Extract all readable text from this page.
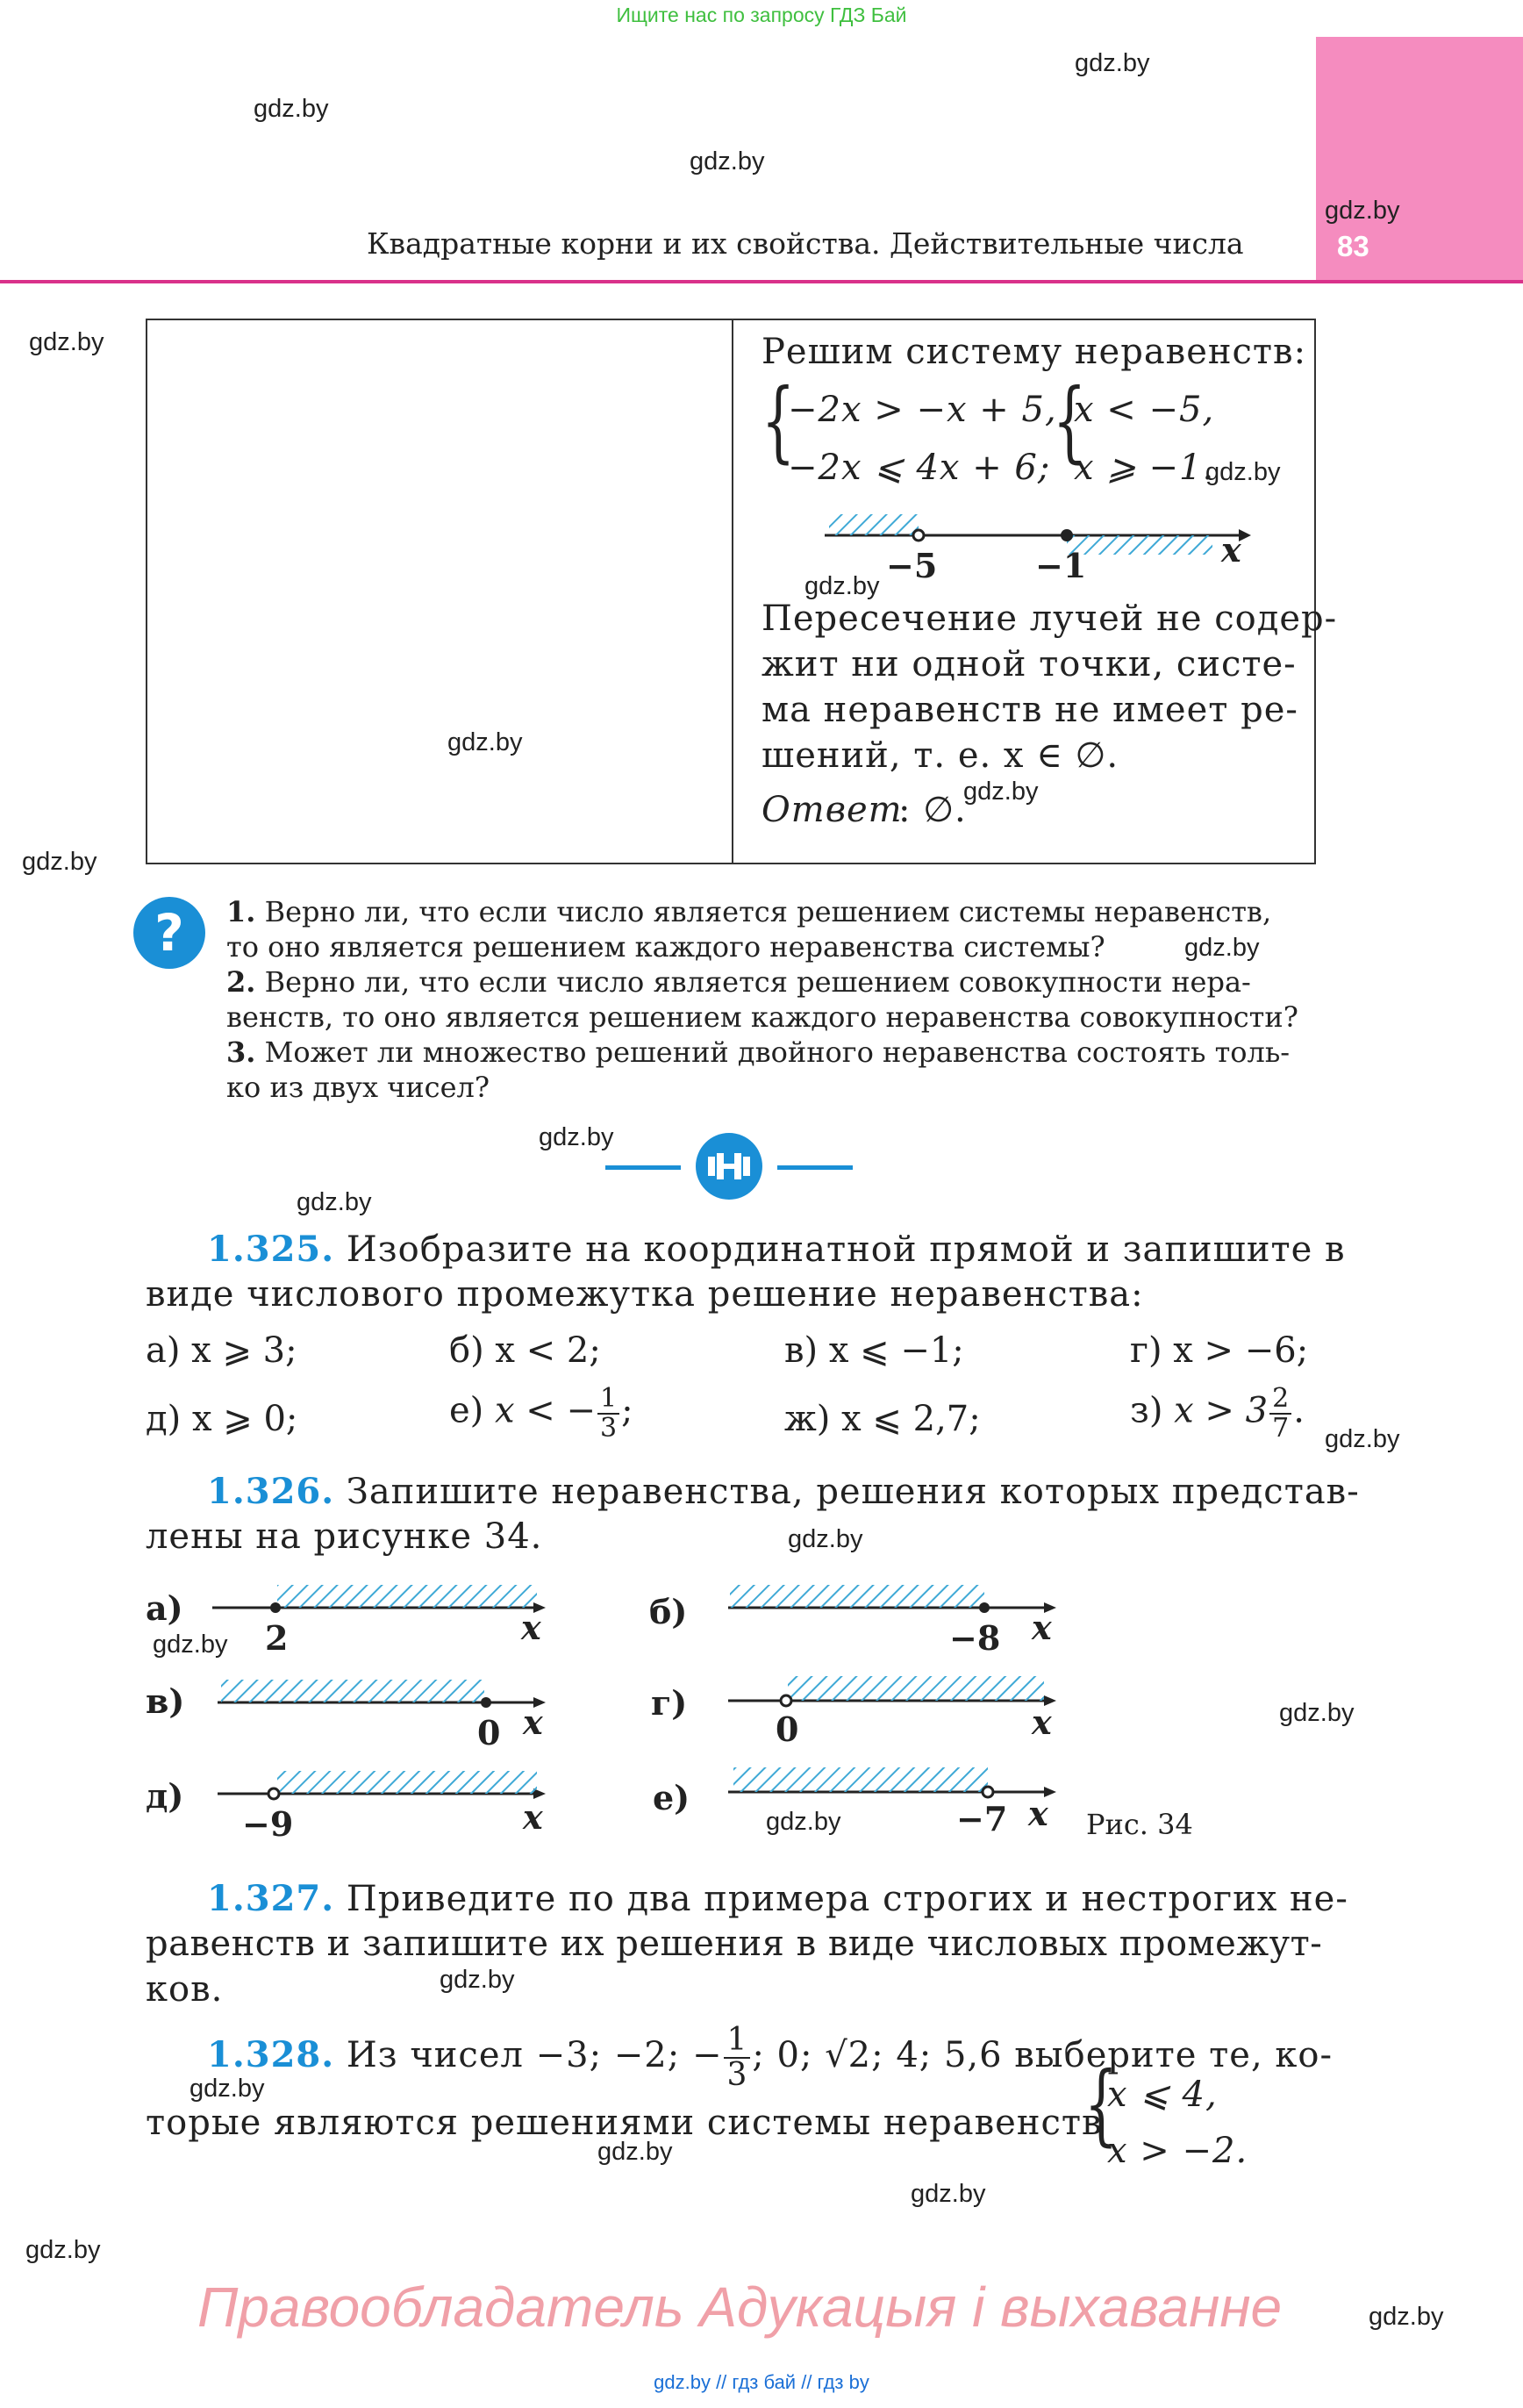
Ищите нас по запросу ГДЗ Бай
83
Квадратные корни и их свойства. Действительные числа
gdz.by
gdz.by
gdz.by
gdz.by
gdz.by
gdz.by
gdz.by
gdz.by
gdz.by
gdz.by
gdz.by
gdz.by
gdz.by
gdz.by
gdz.by
gdz.by
gdz.by
gdz.by
gdz.by
gdz.by
gdz.by
gdz.by
gdz.by
gdz.by
Решим систему неравенств:
{
−2x > −x + 5,
−2x ⩽ 4x + 6; {
x < −5,
x ⩾ −1.
−5	−1	x
Пересечение лучей не содер-
жит ни одной точки, систе-
ма неравенств не имеет ре-
шений, т. е. x ∈ ∅.
Ответ
: ∅.
?	1. Верно ли, что если число является решением системы неравенств,
то оно является решением каждого неравенства системы?
2. Верно ли, что если число является решением совокупности нера-
венств, то оно является решением каждого неравенства совокупности?
3. Может ли множество решений двойного неравенства состоять толь-
ко из двух чисел?
1.325. Изобразите на координатной прямой и запишите в
виде числового промежутка решение неравенства:
а) x ⩾ 3;	б) x < 2;	в) x ⩽ −1;	г) x > −6;
д) x ⩾ 0;	е) x < − $\frac{1}{3}$ ;	ж) x ⩽ 2,7;	з) $x > 3 \frac{2}{7}$ .
1.326. Запишите неравенства, решения которых представ-
лены на рисунке 34.
а)
2	x	б)
−8 x
в)
0 x	г)
0	x
д)
−9	x	е)
−7 x Рис. 34
1.327. Приведите по два примера строгих и нестрогих не-
равенств и запишите их решения в виде числовых промежут-
ков.
1.328. Из чисел −3; −2; − $\frac{1}{3}$ ; 0; √2; 4; 5,6 выберите те, ко-
торые являются решениями системы неравенств
{
x ⩽ 4,
x > −2.
Правообладатель Адукацыя і выхаванне
gdz.by // гдз бай // гдз by
